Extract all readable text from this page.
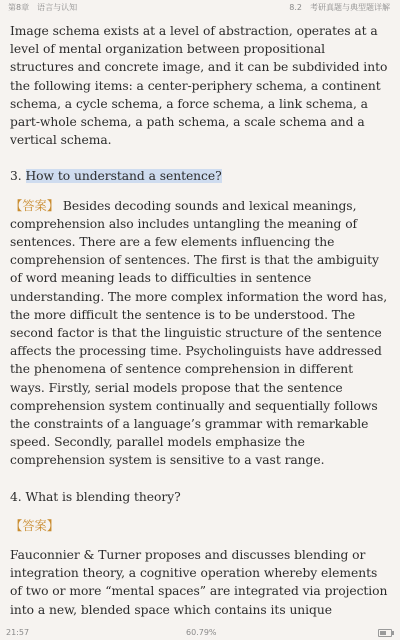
第8章　语言与认知	8.2　考研真题与典型题详解

Image schema exists at a level of abstraction, operates at a level of mental organization between propositional structures and concrete image, and it can be subdivided into the following items: a center-periphery schema, a continent schema, a cycle schema, a force schema, a link schema, a part-whole schema, a path schema, a scale schema and a vertical schema.

3. How to understand a sentence?

【答案】 Besides decoding sounds and lexical meanings, comprehension also includes untangling the meaning of sentences. There are a few elements influencing the comprehension of sentences. The first is that the ambiguity of word meaning leads to difficulties in sentence understanding. The more complex information the word has, the more difficult the sentence is to be understood. The second factor is that the linguistic structure of the sentence affects the processing time. Psycholinguists have addressed the phenomena of sentence comprehension in different ways. Firstly, serial models propose that the sentence comprehension system continually and sequentially follows the constraints of a language’s grammar with remarkable speed. Secondly, parallel models emphasize the comprehension system is sensitive to a vast range.

4. What is blending theory?

【答案】

Fauconnier & Turner proposes and discusses blending or integration theory, a cognitive operation whereby elements of two or more “mental spaces” are integrated via projection into a new, blended space which contains its unique

21:57	60.79%
